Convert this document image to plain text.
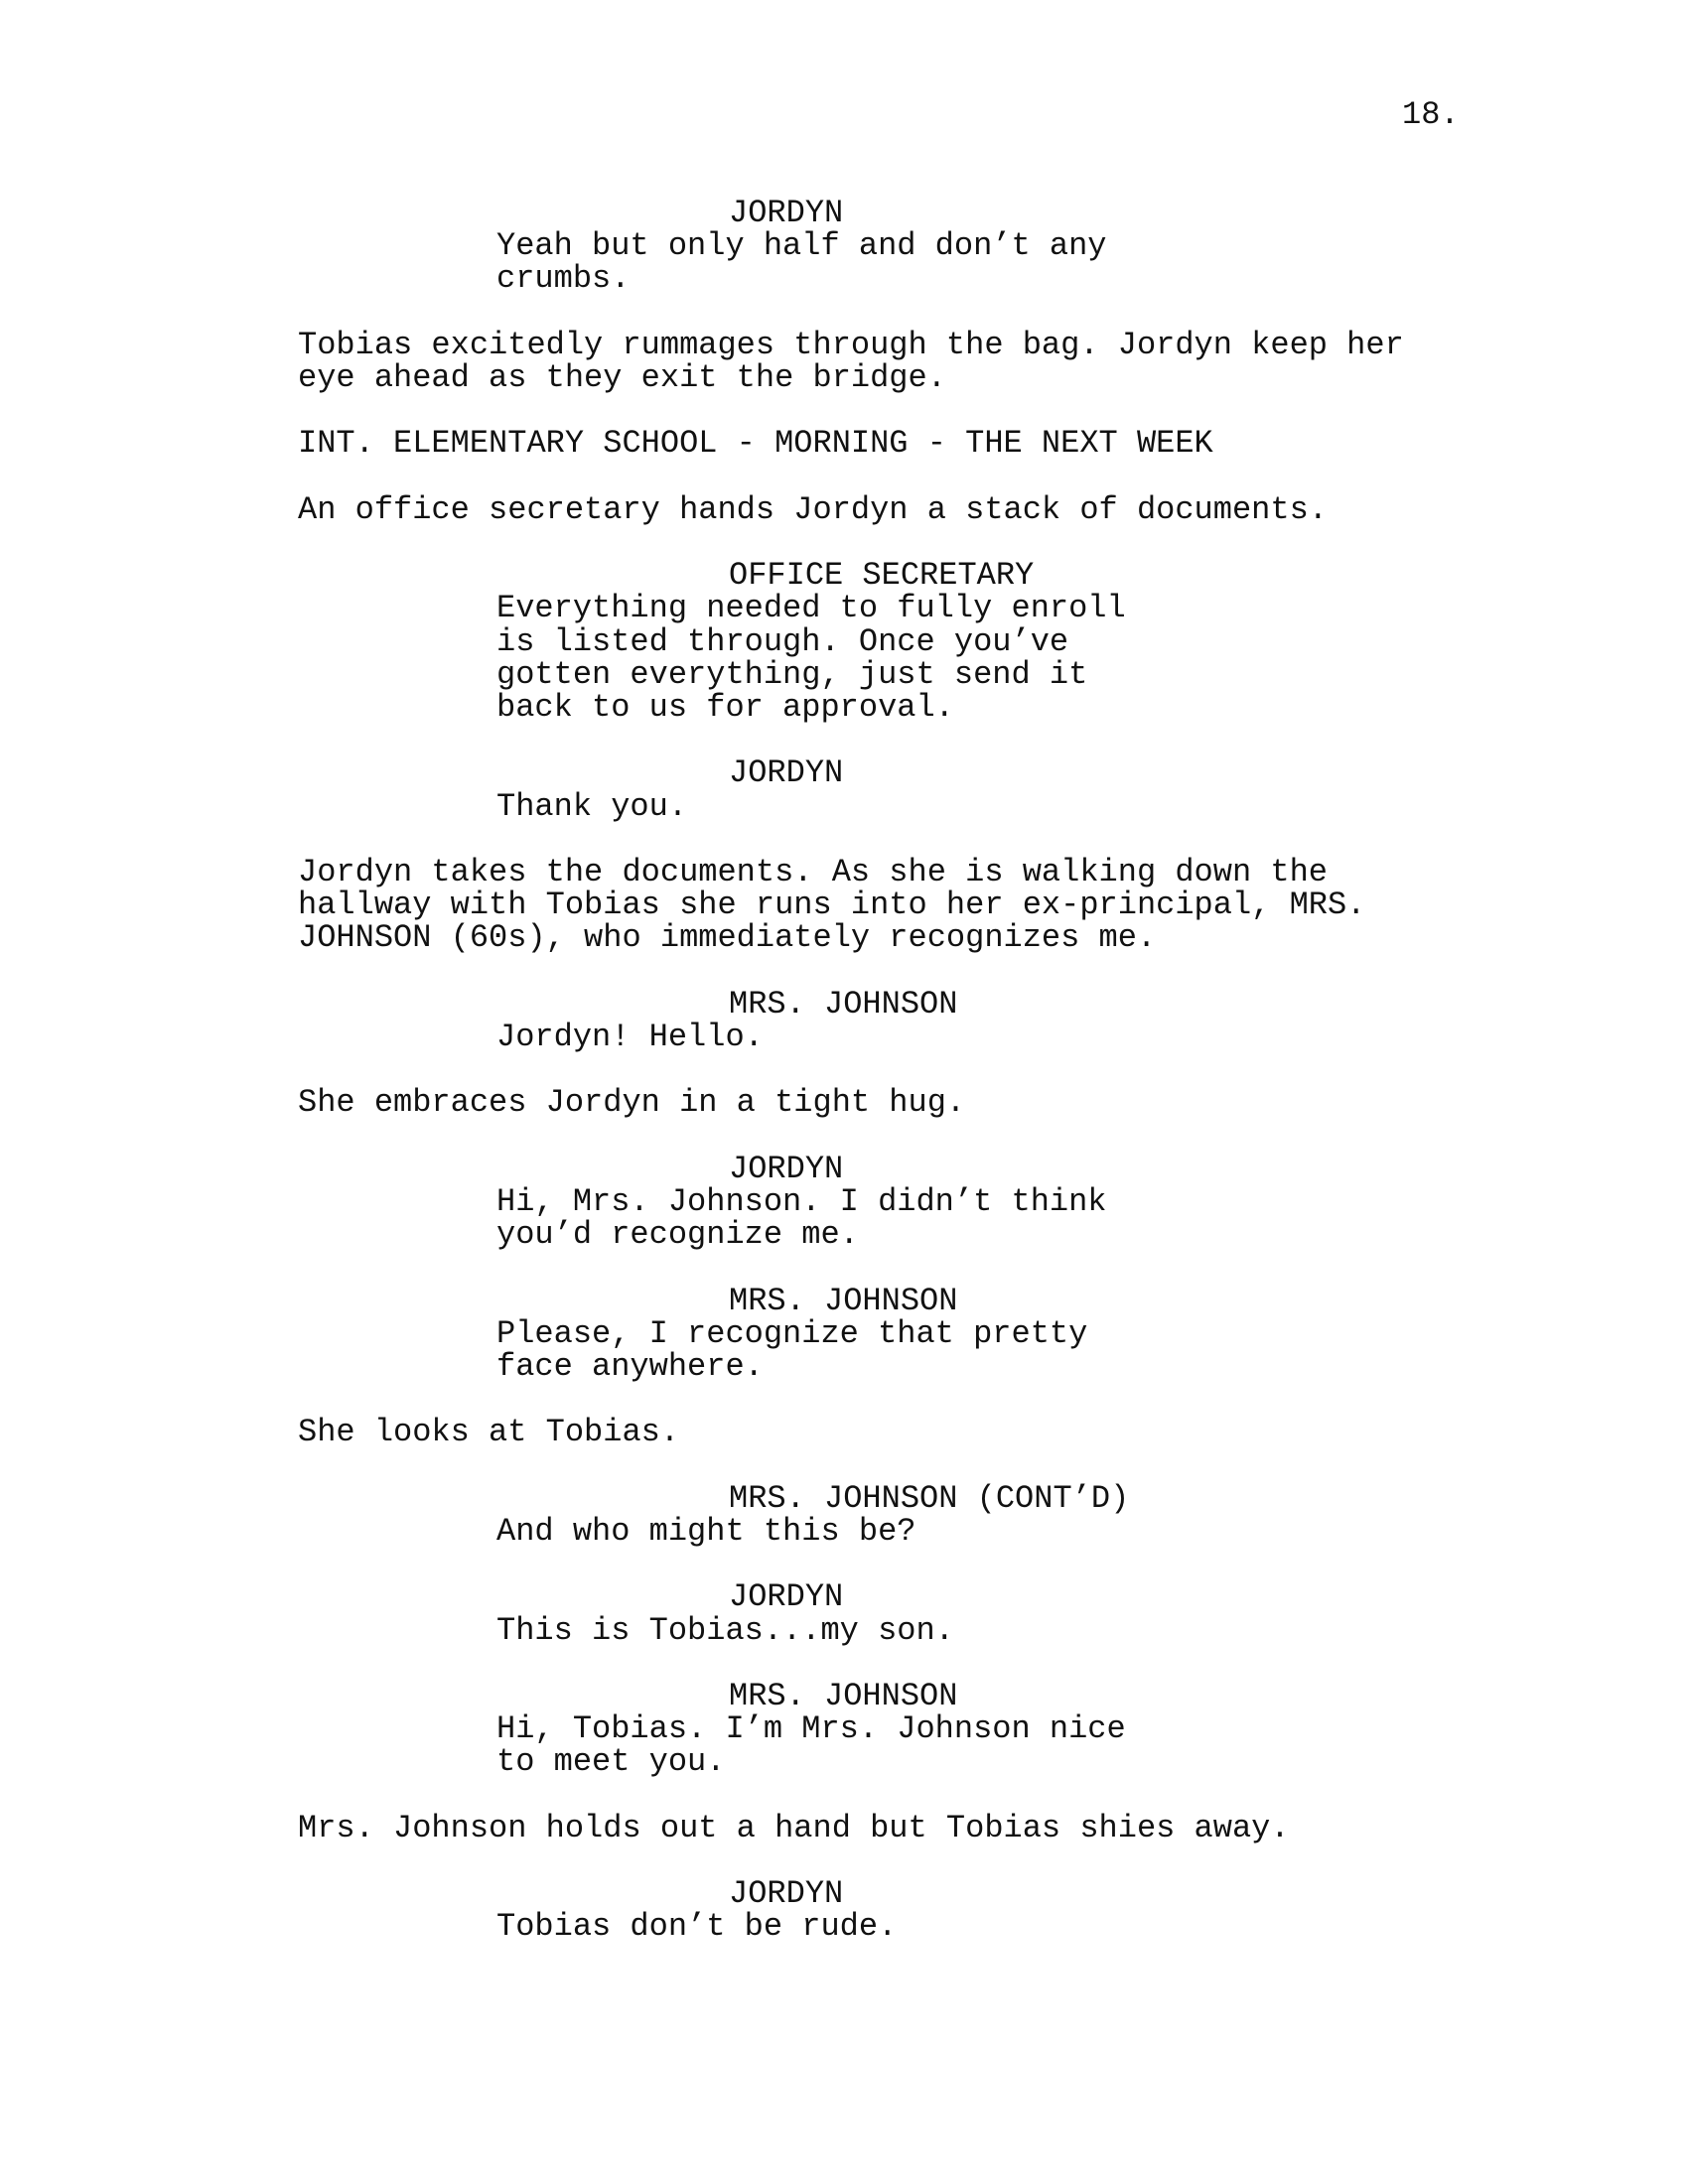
18.

JORDYN

Yeah but only half and don’t any

crumbs.

Tobias excitedly rummages through the bag. Jordyn keep her

eye ahead as they exit the bridge.

INT. ELEMENTARY SCHOOL - MORNING - THE NEXT WEEK

An office secretary hands Jordyn a stack of documents.

OFFICE SECRETARY

Everything needed to fully enroll

is listed through. Once you’ve

gotten everything, just send it

back to us for approval.

JORDYN

Thank you.

Jordyn takes the documents. As she is walking down the

hallway with Tobias she runs into her ex-principal, MRS.

JOHNSON (60s), who immediately recognizes me.

MRS. JOHNSON

Jordyn! Hello.

She embraces Jordyn in a tight hug.

JORDYN

Hi, Mrs. Johnson. I didn’t think

you’d recognize me.

MRS. JOHNSON

Please, I recognize that pretty

face anywhere.

She looks at Tobias.

MRS. JOHNSON (CONT’D)

And who might this be?

JORDYN

This is Tobias...my son.

MRS. JOHNSON

Hi, Tobias. I’m Mrs. Johnson nice

to meet you.

Mrs. Johnson holds out a hand but Tobias shies away.

JORDYN

Tobias don’t be rude.
